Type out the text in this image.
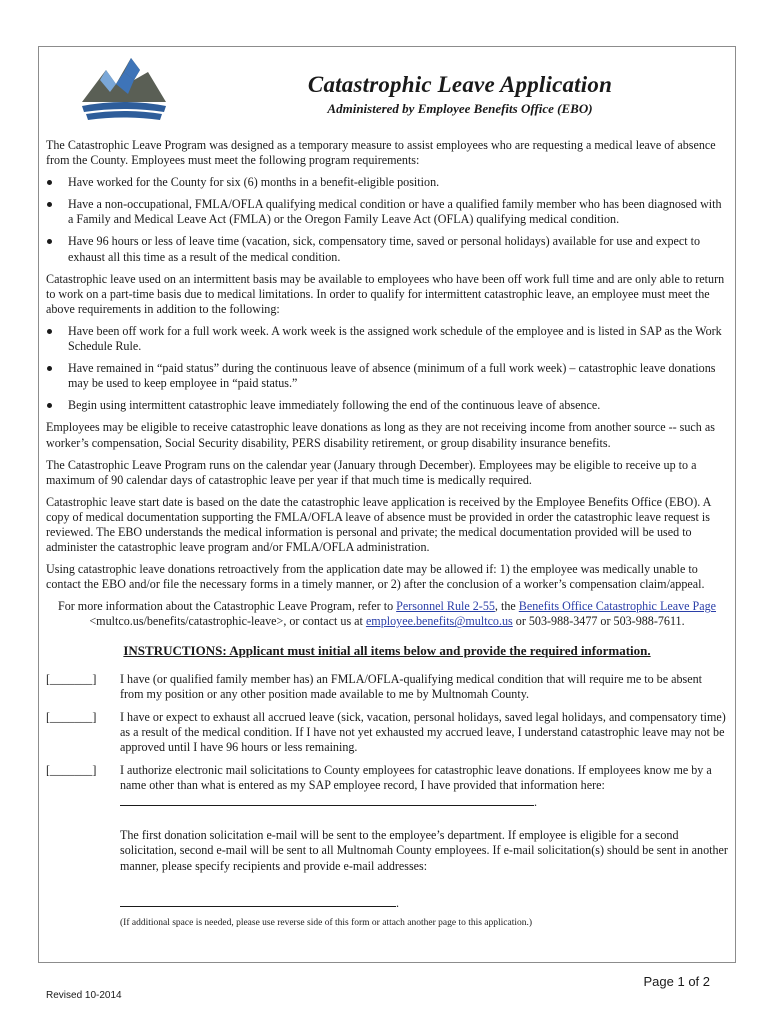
Catastrophic Leave Application
Administered by Employee Benefits Office (EBO)

The Catastrophic Leave Program was designed as a temporary measure to assist employees who are requesting a medical leave of absence from the County. Employees must meet the following program requirements:

Have worked for the County for six (6) months in a benefit-eligible position.
Have a non-occupational, FMLA/OFLA qualifying medical condition or have a qualified family member who has been diagnosed with a Family and Medical Leave Act (FMLA) or the Oregon Family Leave Act (OFLA) qualifying medical condition.
Have 96 hours or less of leave time (vacation, sick, compensatory time, saved or personal holidays) available for use and expect to exhaust all this time as a result of the medical condition.

Catastrophic leave used on an intermittent basis may be available to employees who have been off work full time and are only able to return to work on a part-time basis due to medical limitations. In order to qualify for intermittent catastrophic leave, an employee must meet the above requirements in addition to the following:

Have been off work for a full work week. A work week is the assigned work schedule of the employee and is listed in SAP as the Work Schedule Rule.
Have remained in “paid status” during the continuous leave of absence (minimum of a full work week) – catastrophic leave donations may be used to keep employee in “paid status.”
Begin using intermittent catastrophic leave immediately following the end of the continuous leave of absence.

Employees may be eligible to receive catastrophic leave donations as long as they are not receiving income from another source -- such as worker’s compensation, Social Security disability, PERS disability retirement, or group disability insurance benefits.

The Catastrophic Leave Program runs on the calendar year (January through December). Employees may be eligible to receive up to a maximum of 90 calendar days of catastrophic leave per year if that much time is medically required.

Catastrophic leave start date is based on the date the catastrophic leave application is received by the Employee Benefits Office (EBO). A copy of medical documentation supporting the FMLA/OFLA leave of absence must be provided in order the catastrophic leave request is reviewed. The EBO understands the medical information is personal and private; the medical documentation provided will be used to administer the catastrophic leave program and/or FMLA/OFLA administration.

Using catastrophic leave donations retroactively from the application date may be allowed if: 1) the employee was medically unable to contact the EBO and/or file the necessary forms in a timely manner, or 2) after the conclusion of a worker’s compensation claim/appeal.

For more information about the Catastrophic Leave Program, refer to Personnel Rule 2-55, the Benefits Office Catastrophic Leave Page <multco.us/benefits/catastrophic-leave>, or contact us at employee.benefits@multco.us or 503-988-3477 or 503-988-7611.

INSTRUCTIONS: Applicant must initial all items below and provide the required information.
[_______]	I have (or qualified family member has) an FMLA/OFLA-qualifying medical condition that will require me to be absent from my position or any other position made available to me by Multnomah County.
[_______]	I have or expect to exhaust all accrued leave (sick, vacation, personal holidays, saved legal holidays, and compensatory time) as a result of the medical condition. If I have not yet exhausted my accrued leave, I understand catastrophic leave may not be approved until I have 96 hours or less remaining.
[_______]	I authorize electronic mail solicitations to County employees for catastrophic leave donations. If employees know me by a name other than what is entered as my SAP employee record, I have provided that information here:
.
The first donation solicitation e-mail will be sent to the employee’s department. If employee is eligible for a second solicitation, second e-mail will be sent to all Multnomah County employees. If e-mail solicitation(s) should be sent in another manner, please specify recipients and provide e-mail addresses:
.
(If additional space is needed, please use reverse side of this form or attach another page to this application.)
Page 1 of 2
Revised 10-2014
